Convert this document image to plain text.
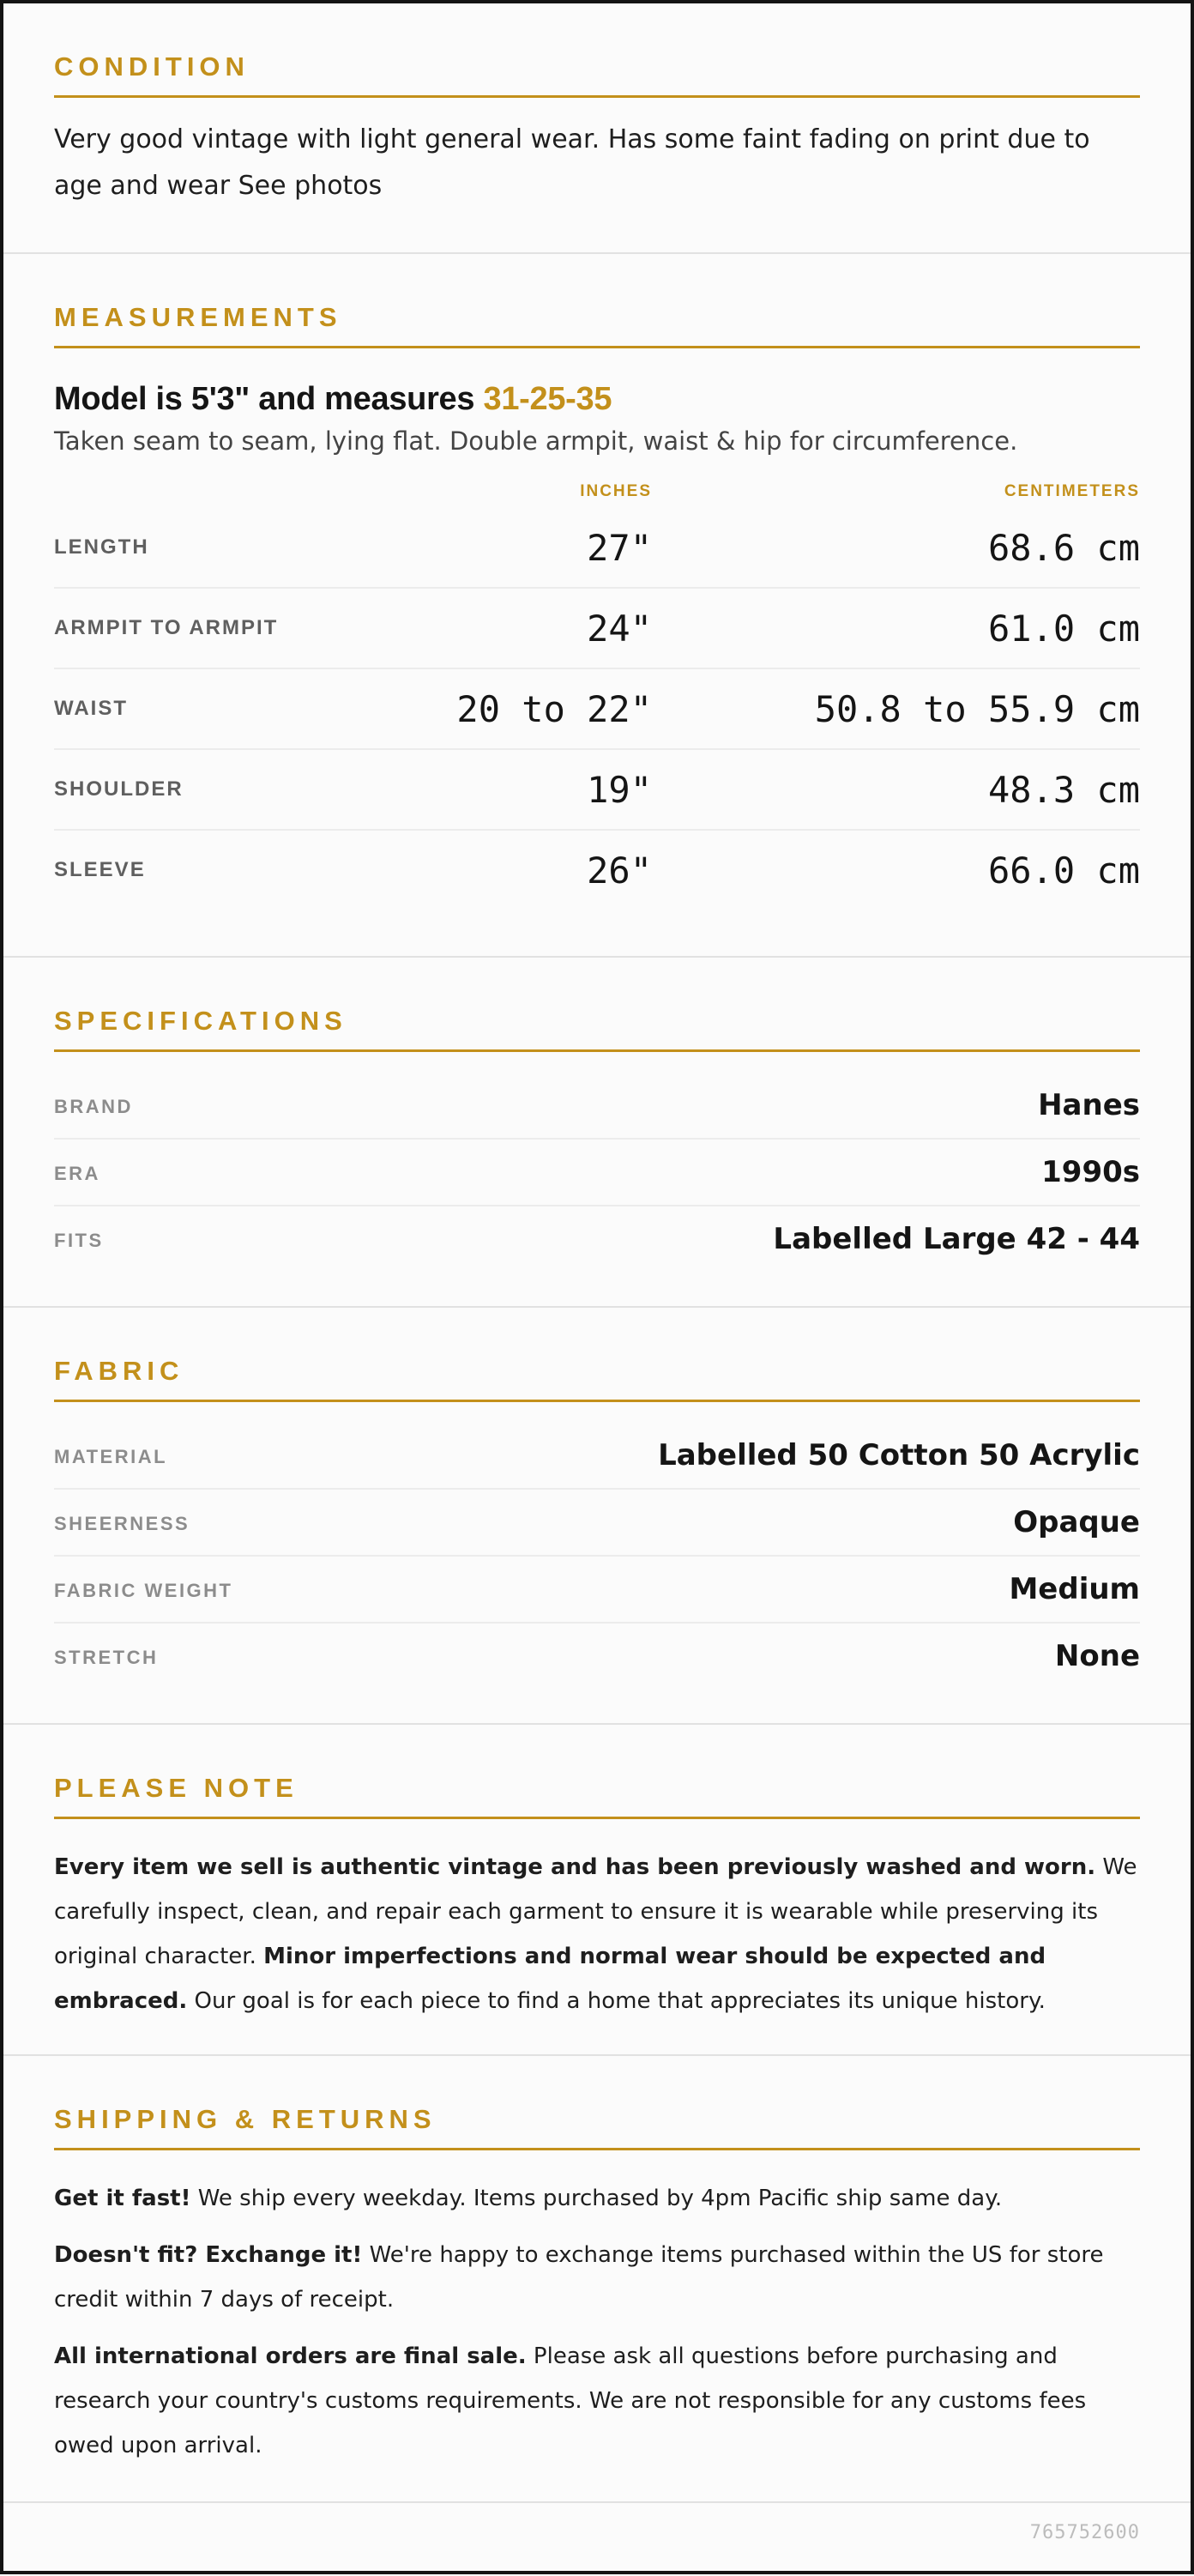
CONDITION

Very good vintage with light general wear. Has some faint fading on print due to age and wear See photos

MEASUREMENTS
Model is 5'3" and measures 31-25-35
Taken seam to seam, lying flat. Double armpit, waist & hip for circumference.
INCHES	CENTIMETERS
LENGTH	27"	68.6 cm
ARMPIT TO ARMPIT	24"	61.0 cm
WAIST	20 to 22"	50.8 to 55.9 cm
SHOULDER	19"	48.3 cm
SLEEVE	26"	66.0 cm
SPECIFICATIONS
BRAND	Hanes
ERA	1990s
FITS	Labelled Large 42 - 44
FABRIC
MATERIAL	Labelled 50 Cotton 50 Acrylic
SHEERNESS	Opaque
FABRIC WEIGHT	Medium
STRETCH	None
PLEASE NOTE

Every item we sell is authentic vintage and has been previously washed and worn. We carefully inspect, clean, and repair each garment to ensure it is wearable while preserving its original character. Minor imperfections and normal wear should be expected and embraced. Our goal is for each piece to find a home that appreciates its unique history.

SHIPPING & RETURNS

Get it fast! We ship every weekday. Items purchased by 4pm Pacific ship same day.

Doesn't fit? Exchange it! We're happy to exchange items purchased within the US for store credit within 7 days of receipt.

All international orders are final sale. Please ask all questions before purchasing and research your country's customs requirements. We are not responsible for any customs fees owed upon arrival.

765752600
